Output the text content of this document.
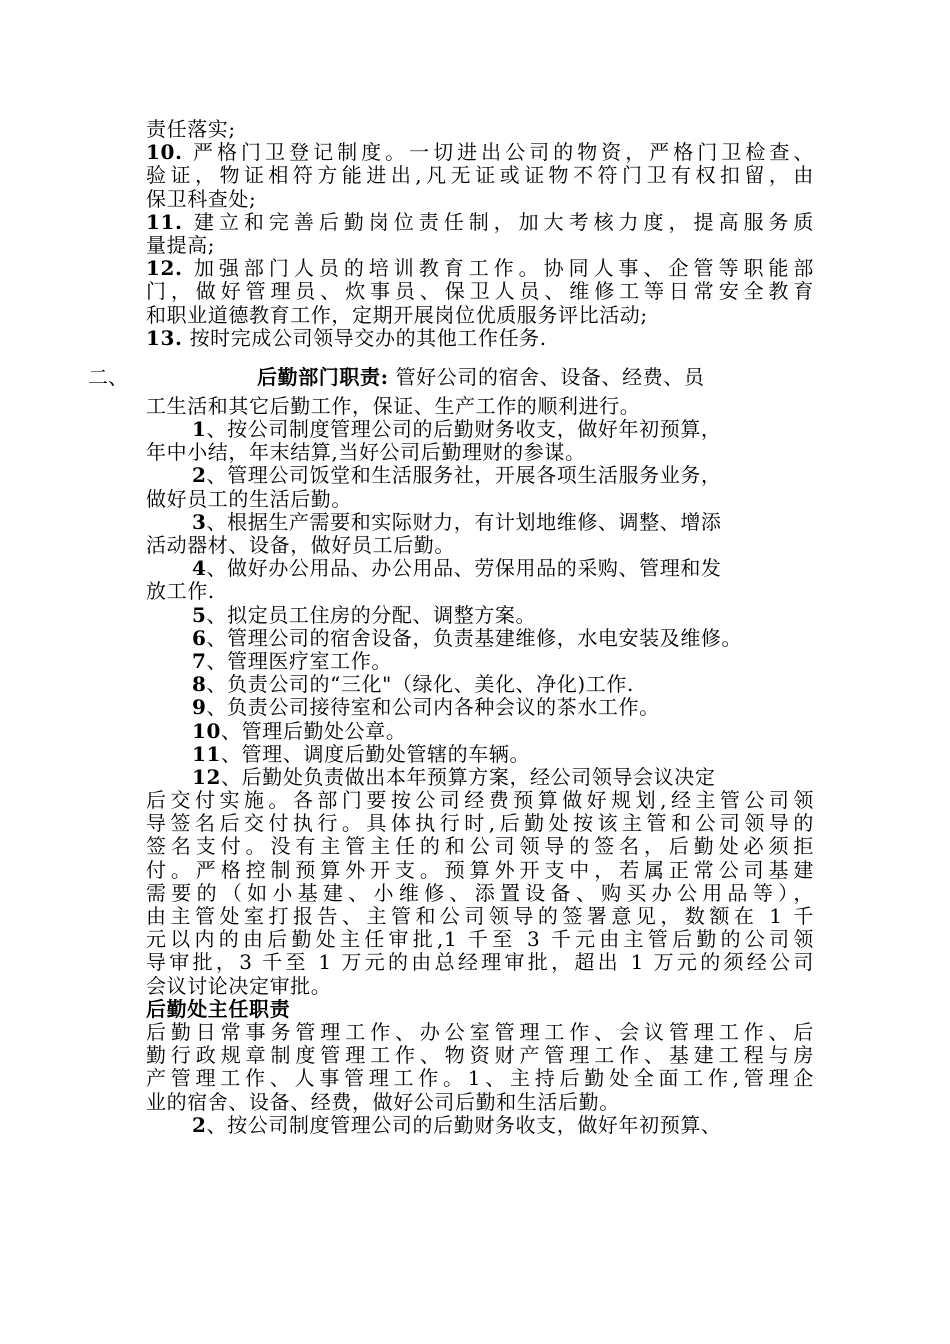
责任落实;
10. 严格门卫登记制度。一切进出公司的物资，严格门卫检查、
验证，物证相符方能进出,凡无证或证物不符门卫有权扣留，由
保卫科查处;
11. 建立和完善后勤岗位责任制，加大考核力度，提高服务质
量提高;
12. 加强部门人员的培训教育工作。协同人事、企管等职能部
门，做好管理员、炊事员、保卫人员、维修工等日常安全教育
和职业道德教育工作，定期开展岗位优质服务评比活动;
13. 按时完成公司领导交办的其他工作任务.
二、	后勤部门职责: 管好公司的宿舍、设备、经费、员
工生活和其它后勤工作，保证、生产工作的顺利进行。
1、按公司制度管理公司的后勤财务收支，做好年初预算，
年中小结，年末结算,当好公司后勤理财的参谋。
2、管理公司饭堂和生活服务社，开展各项生活服务业务，
做好员工的生活后勤。
3、根据生产需要和实际财力，有计划地维修、调整、增添
活动器材、设备，做好员工后勤。
4、做好办公用品、办公用品、劳保用品的采购、管理和发
放工作.
5、拟定员工住房的分配、调整方案。
6、管理公司的宿舍设备，负责基建维修，水电安装及维修。
7、管理医疗室工作。
8、负责公司的“三化"（绿化、美化、净化)工作.
9、负责公司接待室和公司内各种会议的茶水工作。
10、管理后勤处公章。
11、管理、调度后勤处管辖的车辆。
12、后勤处负责做出本年预算方案，经公司领导会议决定
后交付实施。各部门要按公司经费预算做好规划,经主管公司领
导签名后交付执行。具体执行时,后勤处按该主管和公司领导的
签名支付。没有主管主任的和公司领导的签名，后勤处必须拒
付。严格控制预算外开支。预算外开支中，若属正常公司基建
需要的（如小基建、小维修、添置设备、购买办公用品等），
由主管处室打报告、主管和公司领导的签署意见，数额在 1 千
元以内的由后勤处主任审批,1 千至 3 千元由主管后勤的公司领
导审批，3 千至 1 万元的由总经理审批，超出 1 万元的须经公司
会议讨论决定审批。
后勤处主任职责
后勤日常事务管理工作、办公室管理工作、会议管理工作、后
勤行政规章制度管理工作、物资财产管理工作、基建工程与房
产管理工作、人事管理工作。1、主持后勤处全面工作,管理企
业的宿舍、设备、经费，做好公司后勤和生活后勤。
2、按公司制度管理公司的后勤财务收支，做好年初预算、
